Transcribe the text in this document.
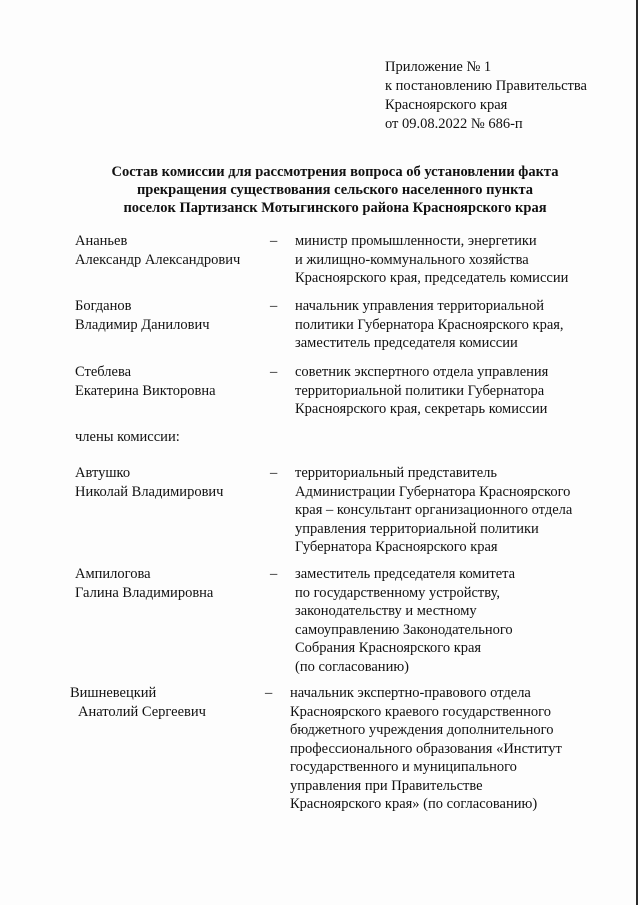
Приложение № 1
к постановлению Правительства
Красноярского края
от 09.08.2022 № 686-п
Состав комиссии для рассмотрения вопроса об установлении факта
прекращения существования сельского населенного пункта
поселок Партизанск Мотыгинского района Красноярского края
Ананьев
Александр Александрович
– министр промышленности, энергетики
и жилищно-коммунального хозяйства
Красноярского края, председатель комиссии
Богданов
Владимир Данилович
– начальник управления территориальной
политики Губернатора Красноярского края,
заместитель председателя комиссии
Стеблева
Екатерина Викторовна
– советник экспертного отдела управления
территориальной политики Губернатора
Красноярского края, секретарь комиссии
члены комиссии:
Автушко
Николай Владимирович
– территориальный представитель
Администрации Губернатора Красноярского
края – консультант организационного отдела
управления территориальной политики
Губернатора Красноярского края
Ампилогова
Галина Владимировна
– заместитель председателя комитета
по государственному устройству,
законодательству и местному
самоуправлению Законодательного
Собрания Красноярского края
(по согласованию)
Вишневецкий
Анатолий Сергеевич
– начальник экспертно-правового отдела
Красноярского краевого государственного
бюджетного учреждения дополнительного
профессионального образования «Институт
государственного и муниципального
управления при Правительстве
Красноярского края» (по согласованию)
